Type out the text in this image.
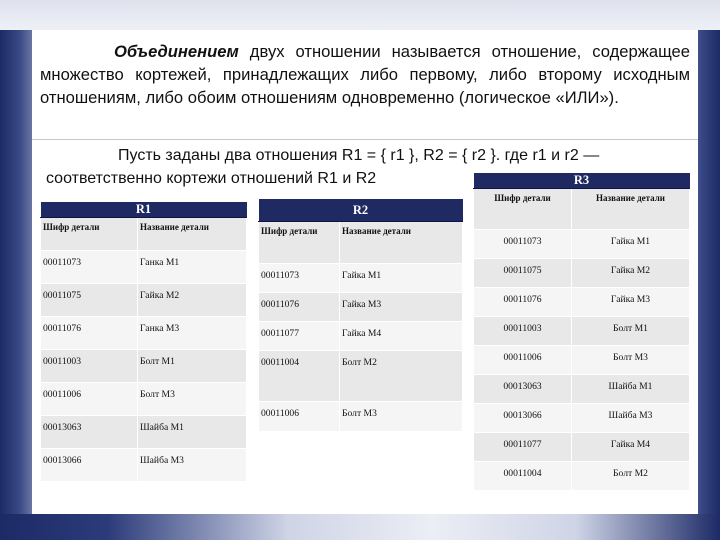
Объединением двух отношении называется отношение, содержащее множество кортежей, принадлежащих либо первому, либо второму исходным отношениям, либо обоим отношениям одновременно (логическое «ИЛИ»).
Пусть заданы два отношения R1 = { r1 }, R2 = { r2 }. где r1 и r2 —
соответственно кортежи отношений R1 и R2
R1	
Шифр детали	Название детали
00011073	Ганка М1
00011075	Гайка М2
00011076	Ганка М3
00011003	Болт М1
00011006	Болт М3
00013063	Шайба М1
00013066	Шайба М3
R2	
Шифр детали	Название детали
00011073	Гайка М1
00011076	Гайка М3
00011077	Гайка М4
00011004	Болт М2
00011006	Болт М3
R3	
Шифр детали	Название детали
00011073	Гайка М1
00011075	Гайка М2
00011076	Гайка М3
00011003	Болт М1
00011006	Болт М3
00013063	Шайба М1
00013066	Шайба М3
00011077	Гайка М4
00011004	Болт М2
